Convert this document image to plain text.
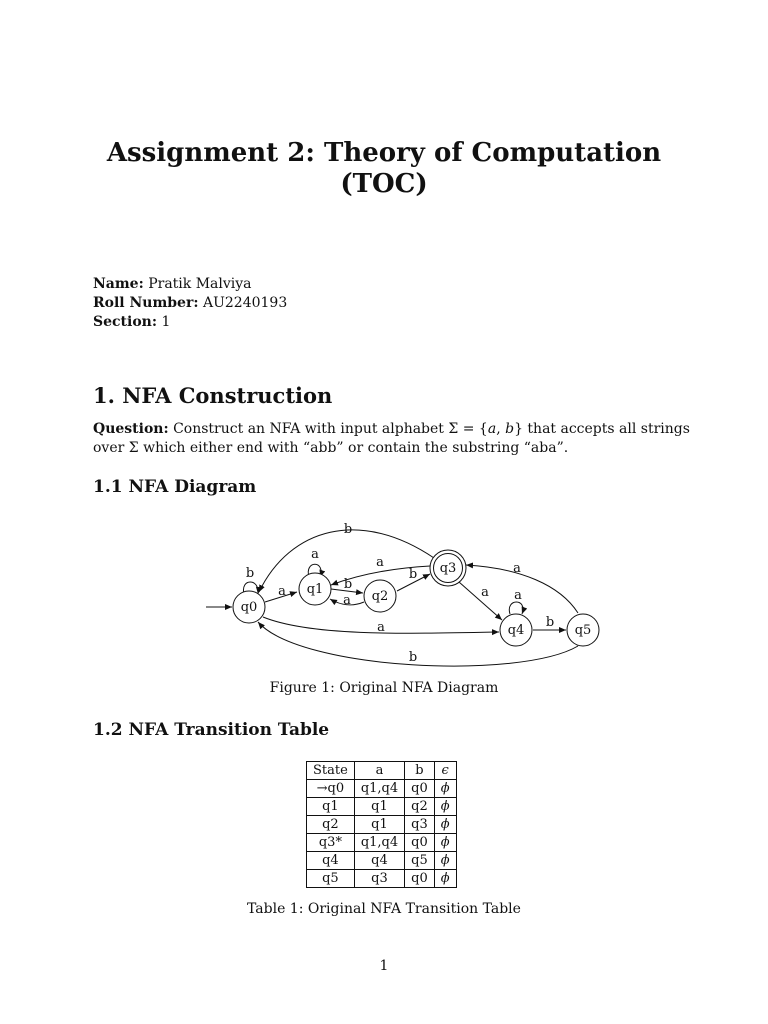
Assignment 2: Theory of Computation
(TOC)
Name: Pratik Malviya
Roll Number: AU2240193
Section: 1
1. NFA Construction
Question: Construct an NFA with input alphabet Σ = {a, b} that accepts all strings over Σ which either end with “abb” or contain the substring “aba”.
1.1 NFA Diagram
q0
q1	q2
q3
q4	q5
b
a
a
a
b
a
b
a
a
b
a
b
a
b
Figure 1: Original NFA Diagram
1.2 NFA Transition Table
State	a	b	ϵ
→q0	q1,q4	q0	ϕ
q1	q1	q2	ϕ
q2	q1	q3	ϕ
q3*	q1,q4	q0	ϕ
q4	q4	q5	ϕ
q5	q3	q0	ϕ
Table 1: Original NFA Transition Table
1
